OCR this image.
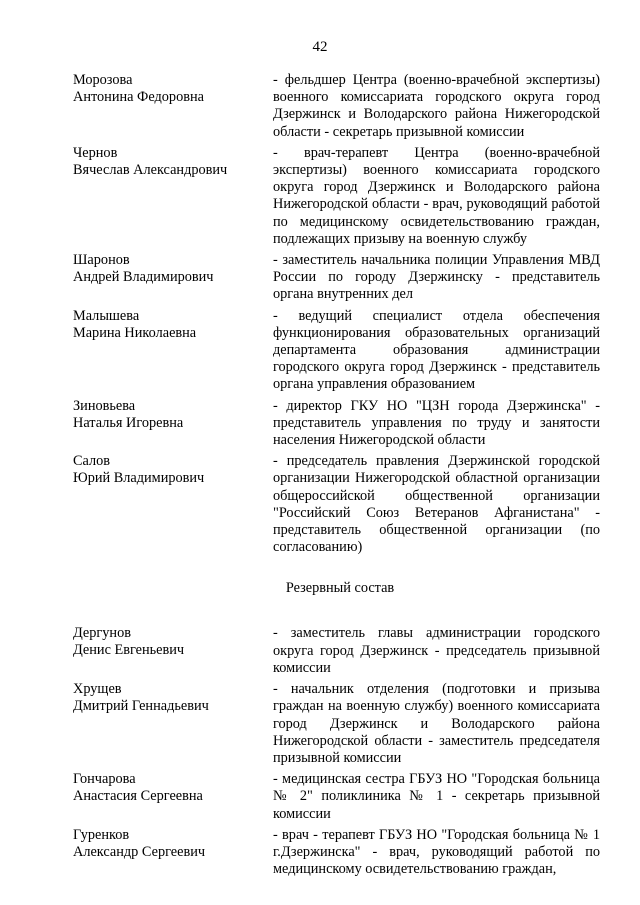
42
Морозова
Антонина Федоровна
- фельдшер Центра (военно-врачебной экспертизы) военного комиссариата городского округа город Дзержинск и Володарского района Нижегородской области - секретарь призывной комиссии
Чернов
Вячеслав Александрович
- врач-терапевт Центра (военно-врачебной экспертизы) военного комиссариата городского округа город Дзержинск и Володарского района Нижегородской области - врач, руководящий работой по медицинскому освидетельствованию граждан, подлежащих призыву на военную службу
Шаронов
Андрей Владимирович
- заместитель начальника полиции Управления МВД России по городу Дзержинску - представитель органа внутренних дел
Малышева
Марина Николаевна
- ведущий специалист отдела обеспечения функционирования образовательных организаций департамента образования администрации городского округа город Дзержинск - представитель органа управления образованием
Зиновьева
Наталья Игоревна
- директор ГКУ НО "ЦЗН города Дзержинска" - представитель управления по труду и занятости населения Нижегородской области
Салов
Юрий Владимирович
- председатель правления Дзержинской городской организации Нижегородской областной организации общероссийской общественной организации "Российский Союз Ветеранов Афганистана" - представитель общественной организации (по согласованию)
Резервный состав
Дергунов
Денис Евгеньевич
- заместитель главы администрации городского округа город Дзержинск - председатель призывной комиссии
Хрущев
Дмитрий Геннадьевич
- начальник отделения (подготовки и призыва граждан на военную службу) военного комиссариата город Дзержинск и Володарского района Нижегородской области - заместитель председателя призывной комиссии
Гончарова
Анастасия Сергеевна
- медицинская сестра ГБУЗ НО "Городская больница № 2" поликлиника № 1 - секретарь призывной комиссии
Гуренков
Александр Сергеевич
- врач - терапевт ГБУЗ НО "Городская больница № 1 г.Дзержинска" - врач, руководящий работой по медицинскому освидетельствованию граждан,
